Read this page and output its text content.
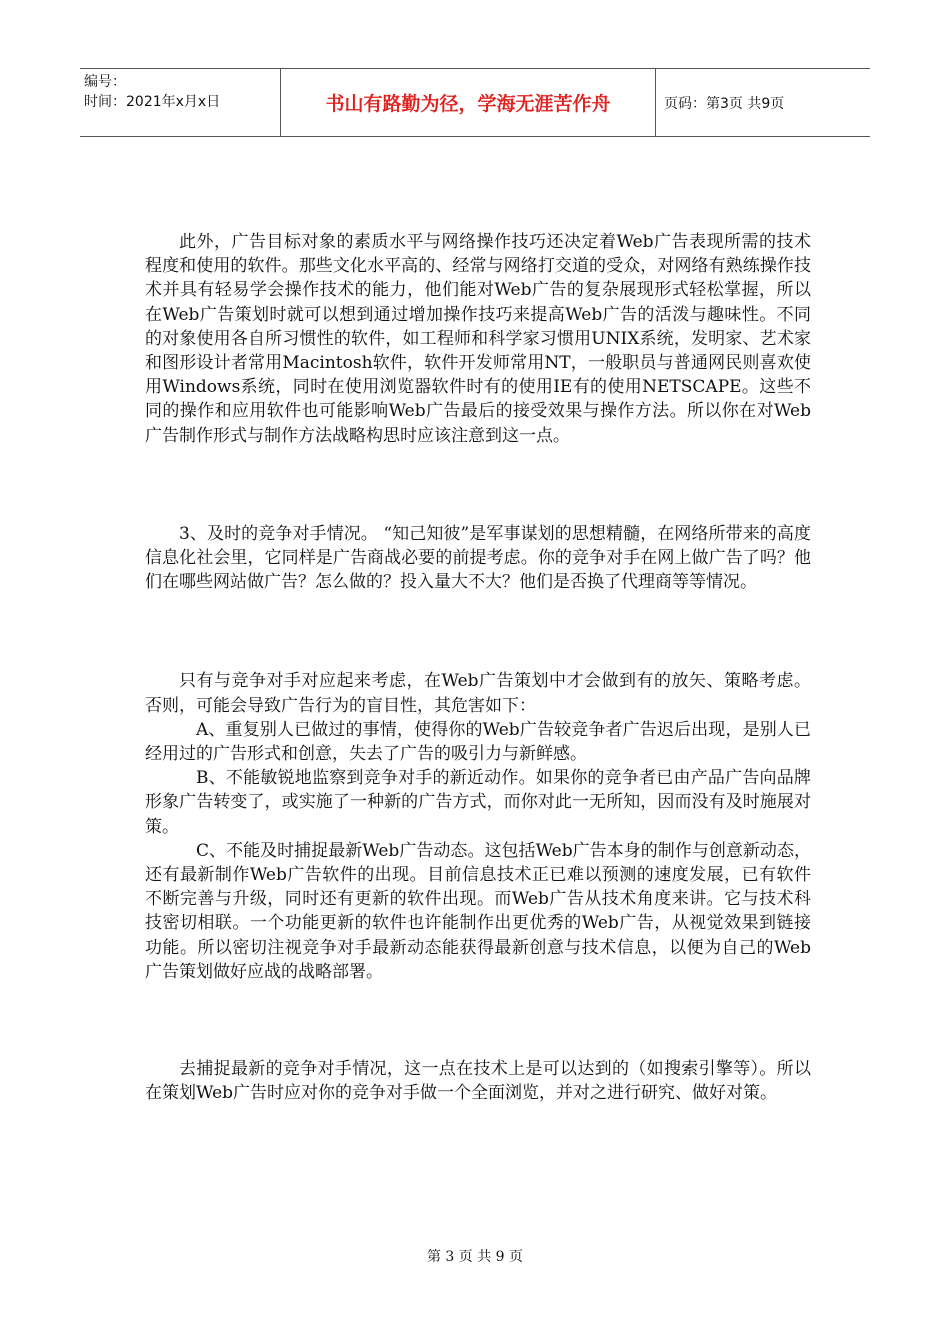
编号：
时间：2021年x月x日	书山有路勤为径，学海无涯苦作舟	页码：第3页 共9页

此外，广告目标对象的素质水平与网络操作技巧还决定着Web广告表现所需的技术程度和使用的软件。那些文化水平高的、经常与网络打交道的受众，对网络有熟练操作技术并具有轻易学会操作技术的能力，他们能对Web广告的复杂展现形式轻松掌握，所以在Web广告策划时就可以想到通过增加操作技巧来提高Web广告的活泼与趣味性。不同的对象使用各自所习惯性的软件，如工程师和科学家习惯用UNIX系统，发明家、艺术家和图形设计者常用Macintosh软件，软件开发师常用NT，一般职员与普通网民则喜欢使用Windows系统，同时在使用浏览器软件时有的使用IE有的使用NETSCAPE。这些不同的操作和应用软件也可能影响Web广告最后的接受效果与操作方法。所以你在对Web广告制作形式与制作方法战略构思时应该注意到这一点。

3、及时的竞争对手情况。 “知己知彼”是军事谋划的思想精髓，在网络所带来的高度信息化社会里，它同样是广告商战必要的前提考虑。你的竞争对手在网上做广告了吗？他们在哪些网站做广告？怎么做的？投入量大不大？他们是否换了代理商等等情况。

只有与竞争对手对应起来考虑，在Web广告策划中才会做到有的放矢、策略考虑。否则，可能会导致广告行为的盲目性，其危害如下：

A、重复别人已做过的事情，使得你的Web广告较竞争者广告迟后出现，是别人已经用过的广告形式和创意，失去了广告的吸引力与新鲜感。

B、不能敏锐地监察到竞争对手的新近动作。如果你的竞争者已由产品广告向品牌形象广告转变了，或实施了一种新的广告方式，而你对此一无所知，因而没有及时施展对策。

C、不能及时捕捉最新Web广告动态。这包括Web广告本身的制作与创意新动态，还有最新制作Web广告软件的出现。目前信息技术正已难以预测的速度发展，已有软件不断完善与升级，同时还有更新的软件出现。而Web广告从技术角度来讲。它与技术科技密切相联。一个功能更新的软件也许能制作出更优秀的Web广告，从视觉效果到链接功能。所以密切注视竞争对手最新动态能获得最新创意与技术信息，以便为自己的Web广告策划做好应战的战略部署。

去捕捉最新的竞争对手情况，这一点在技术上是可以达到的（如搜索引擎等）。所以在策划Web广告时应对你的竞争对手做一个全面浏览，并对之进行研究、做好对策。

第 3 页 共 9 页
